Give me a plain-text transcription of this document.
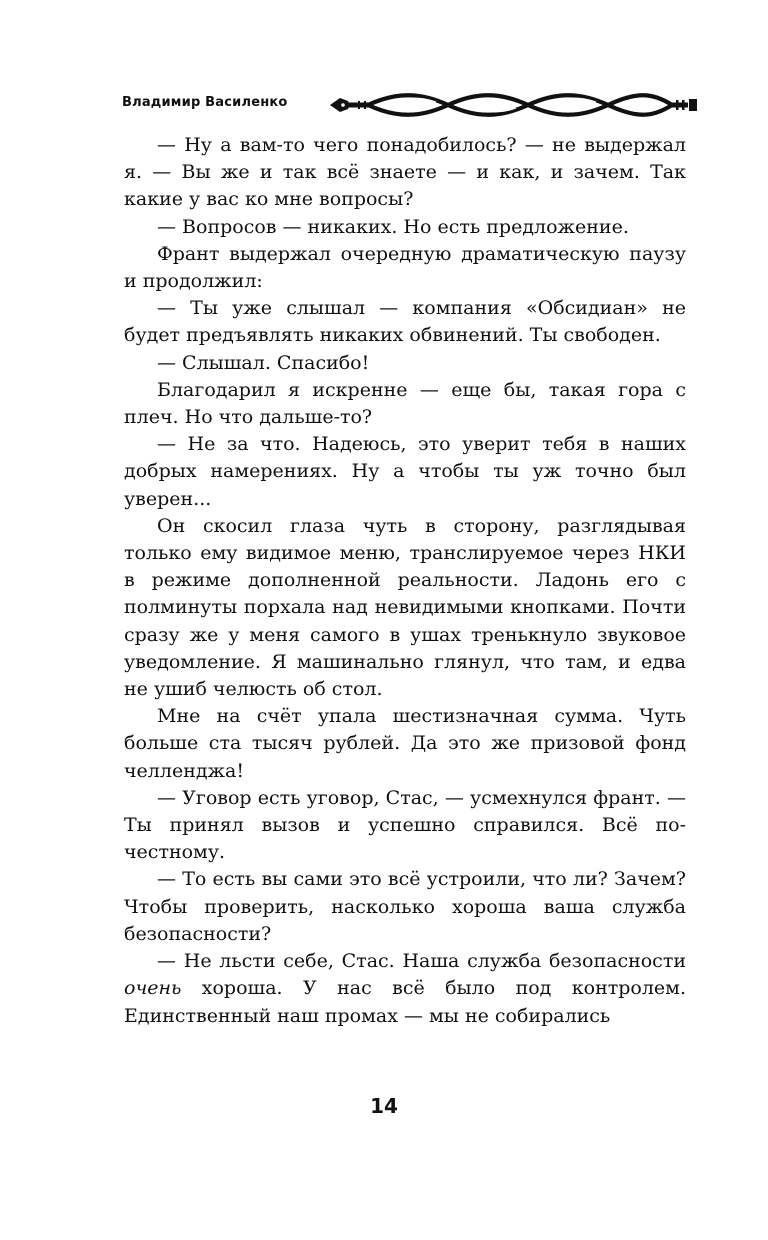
Владимир Василенко

— Ну а вам-то чего понадобилось? — не выдержал я. — Вы же и так всё знаете — и как, и зачем. Так какие у вас ко мне вопросы?

— Вопросов — никаких. Но есть предложение.

Франт выдержал очередную драматическую паузу и продолжил:

— Ты уже слышал — компания «Обсидиан» не будет предъявлять никаких обвинений. Ты свободен.

— Слышал. Спасибо!

Благодарил я искренне — еще бы, такая гора с плеч. Но что дальше-то?

— Не за что. Надеюсь, это уверит тебя в наших добрых намерениях. Ну а чтобы ты уж точно был уверен...

Он скосил глаза чуть в сторону, разглядывая только ему видимое меню, транслируемое через НКИ в режиме дополненной реальности. Ладонь его с полминуты порхала над невидимыми кнопками. Почти сразу же у меня самого в ушах тренькнуло звуковое уведомление. Я машинально глянул, что там, и едва не ушиб челюсть об стол.

Мне на счёт упала шестизначная сумма. Чуть больше ста тысяч рублей. Да это же призовой фонд челленджа!

— Уговор есть уговор, Стас, — усмехнулся франт. — Ты принял вызов и успешно справился. Всё по-честному.

— То есть вы сами это всё устроили, что ли? Зачем? Чтобы проверить, насколько хороша ваша служба безопасности?

— Не льсти себе, Стас. Наша служба безопасности очень хороша. У нас всё было под контролем. Единственный наш промах — мы не собирались

14
